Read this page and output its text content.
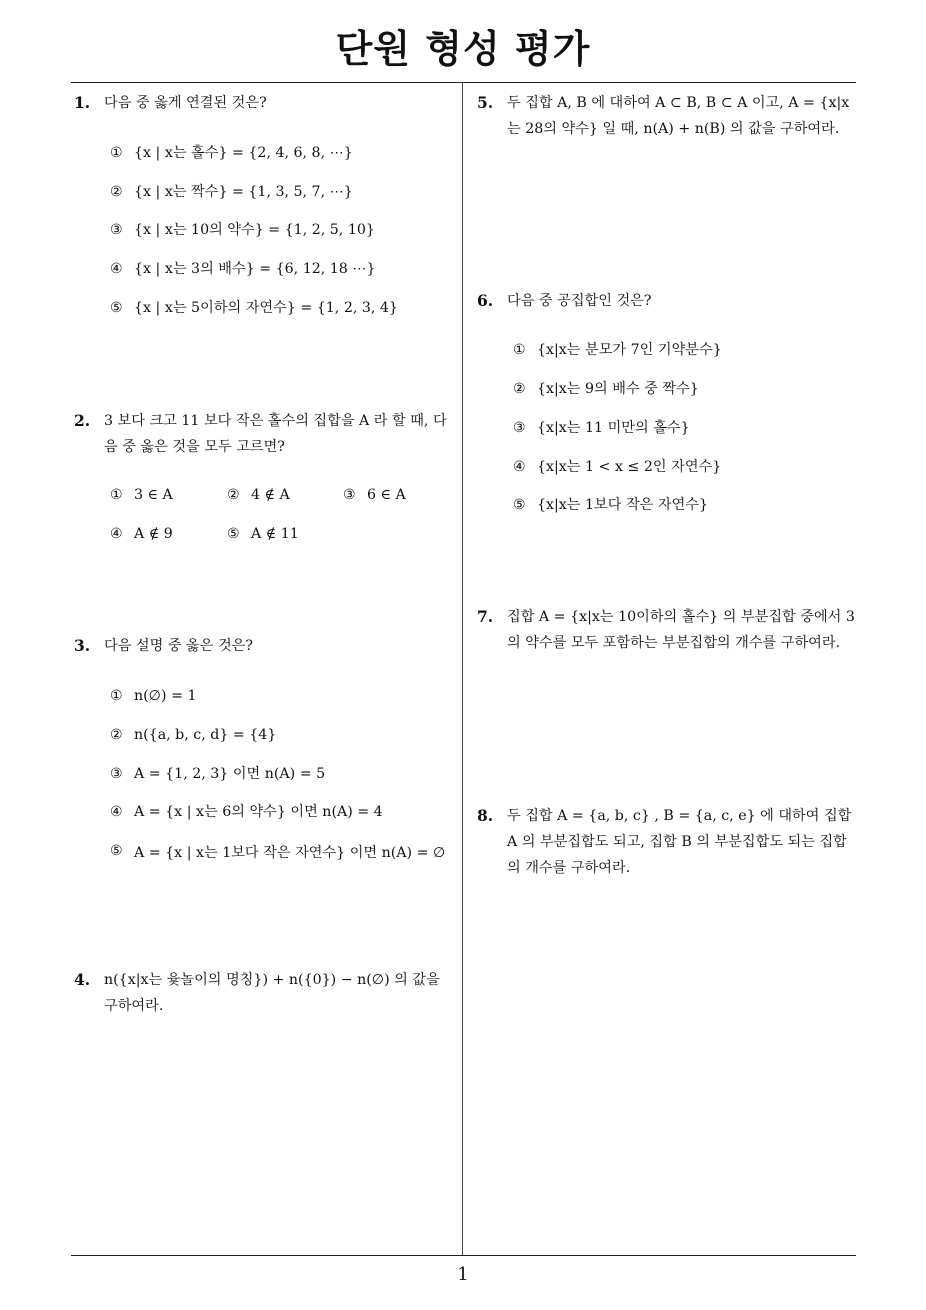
단원 형성 평가
1. 다음 중 옳게 연결된 것은?
① {x | x는 홀수} = {2, 4, 6, 8, ⋯}
② {x | x는 짝수} = {1, 3, 5, 7, ⋯}
③ {x | x는 10의 약수} = {1, 2, 5, 10}
④ {x | x는 3의 배수} = {6, 12, 18 ⋯}
⑤ {x | x는 5이하의 자연수} = {1, 2, 3, 4}
2. 3 보다 크고 11 보다 작은 홀수의 집합을 A 라 할 때, 다음 중 옳은 것을 모두 고르면?
① 3 ∈ A	② 4 ∉ A	③ 6 ∈ A
④ A ∉ 9	⑤ A ∉ 11
3. 다음 설명 중 옳은 것은?
① n(∅) = 1
② n({a, b, c, d} = {4}
③ A = {1, 2, 3} 이면 n(A) = 5
④ A = {x | x는 6의 약수} 이면 n(A) = 4
⑤ A = {x | x는 1보다 작은 자연수} 이면 n(A) = ∅
4. n({x|x는 윷놀이의 명칭}) + n({0}) − n(∅) 의 값을 구하여라.
5. 두 집합 A, B 에 대하여 A ⊂ B, B ⊂ A 이고, A = {x|x는 28의 약수} 일 때, n(A) + n(B) 의 값을 구하여라.
6. 다음 중 공집합인 것은?
① {x|x는 분모가 7인 기약분수}
② {x|x는 9의 배수 중 짝수}
③ {x|x는 11 미만의 홀수}
④ {x|x는 1 < x ≤ 2인 자연수}
⑤ {x|x는 1보다 작은 자연수}
7. 집합 A = {x|x는 10이하의 홀수} 의 부분집합 중에서 3 의 약수를 모두 포함하는 부분집합의 개수를 구하여라.
8. 두 집합 A = {a, b, c} , B = {a, c, e} 에 대하여 집합 A 의 부분집합도 되고, 집합 B 의 부분집합도 되는 집합의 개수를 구하여라.
1
